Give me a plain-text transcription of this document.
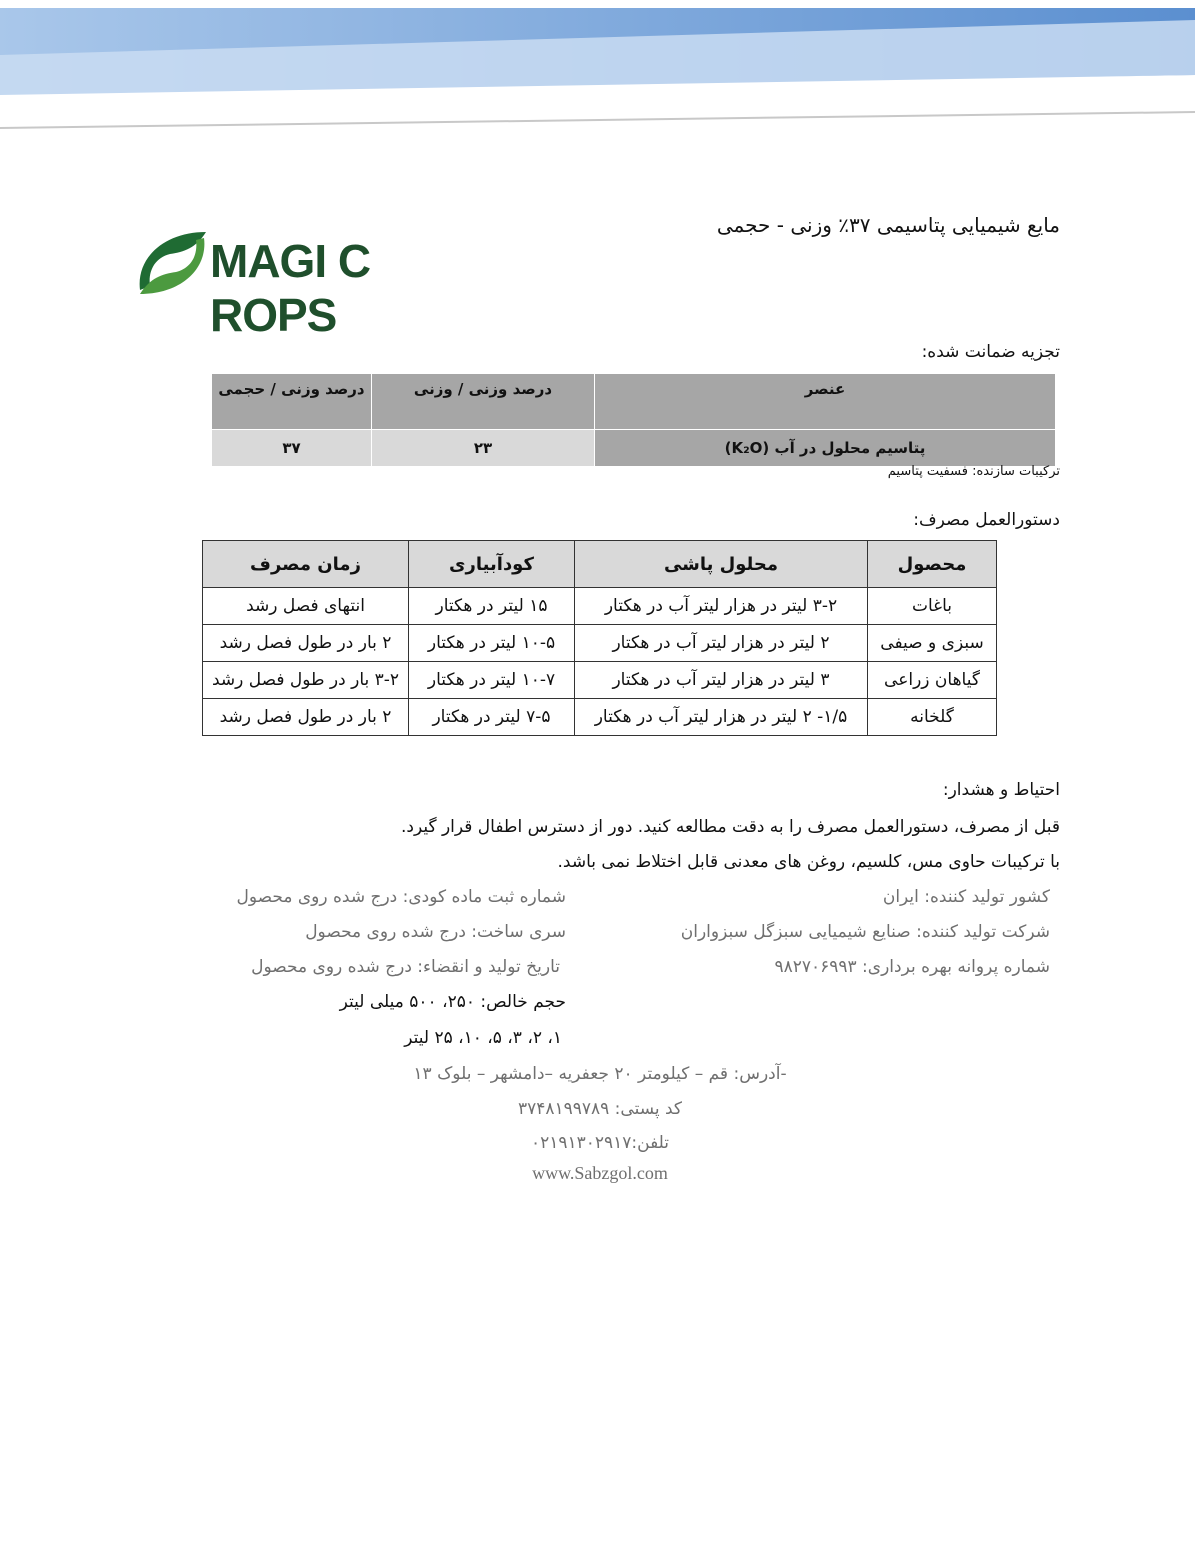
MAGI C ROPS
مایع شیمیایی پتاسیمی ۳۷٪ وزنی - حجمی
تجزیه ضمانت شده:
عنصر	درصد وزنی / وزنی	درصد وزنی / حجمی
پتاسیم محلول در آب (K₂O)	۲۳	۳۷
ترکیبات سازنده: فسفیت پتاسیم
دستورالعمل مصرف:
محصول	محلول پاشی	کودآبیاری	زمان مصرف
باغات	۳-۲ لیتر در هزار لیتر آب در هکتار	۱۵ لیتر در هکتار	انتهای فصل رشد
سبزی و صیفی	۲ لیتر در هزار لیتر آب در هکتار	۱۰-۵ لیتر در هکتار	۲ بار در طول فصل رشد
گیاهان زراعی	۳ لیتر در هزار لیتر آب در هکتار	۱۰-۷ لیتر در هکتار	۳-۲ بار در طول فصل رشد
گلخانه	۱/۵- ۲ لیتر در هزار لیتر آب در هکتار	۷-۵ لیتر در هکتار	۲ بار در طول فصل رشد
احتیاط و هشدار:
قبل از مصرف، دستورالعمل مصرف را به دقت مطالعه کنید. دور از دسترس اطفال قرار گیرد.
با ترکیبات حاوی مس، کلسیم، روغن های معدنی قابل اختلاط نمی باشد.
کشور تولید کننده: ایران
شرکت تولید کننده: صنایع شیمیایی سبزگل سبزواران
شماره پروانه بهره برداری: ۹۸۲۷۰۶۹۹۳
شماره ثبت ماده کودی: درج شده روی محصول
سری ساخت: درج شده روی محصول
تاریخ تولید و انقضاء: درج شده روی محصول
حجم خالص: ۲۵۰، ۵۰۰ میلی لیتر
۱، ۲، ۳، ۵، ۱۰، ۲۵ لیتر
-آدرس: قم – کیلومتر ۲۰ جعفریه –دامشهر – بلوک ۱۳
کد پستی: ۳۷۴۸۱۹۹۷۸۹
تلفن:۰۲۱۹۱۳۰۲۹۱۷
www.Sabzgol.com
